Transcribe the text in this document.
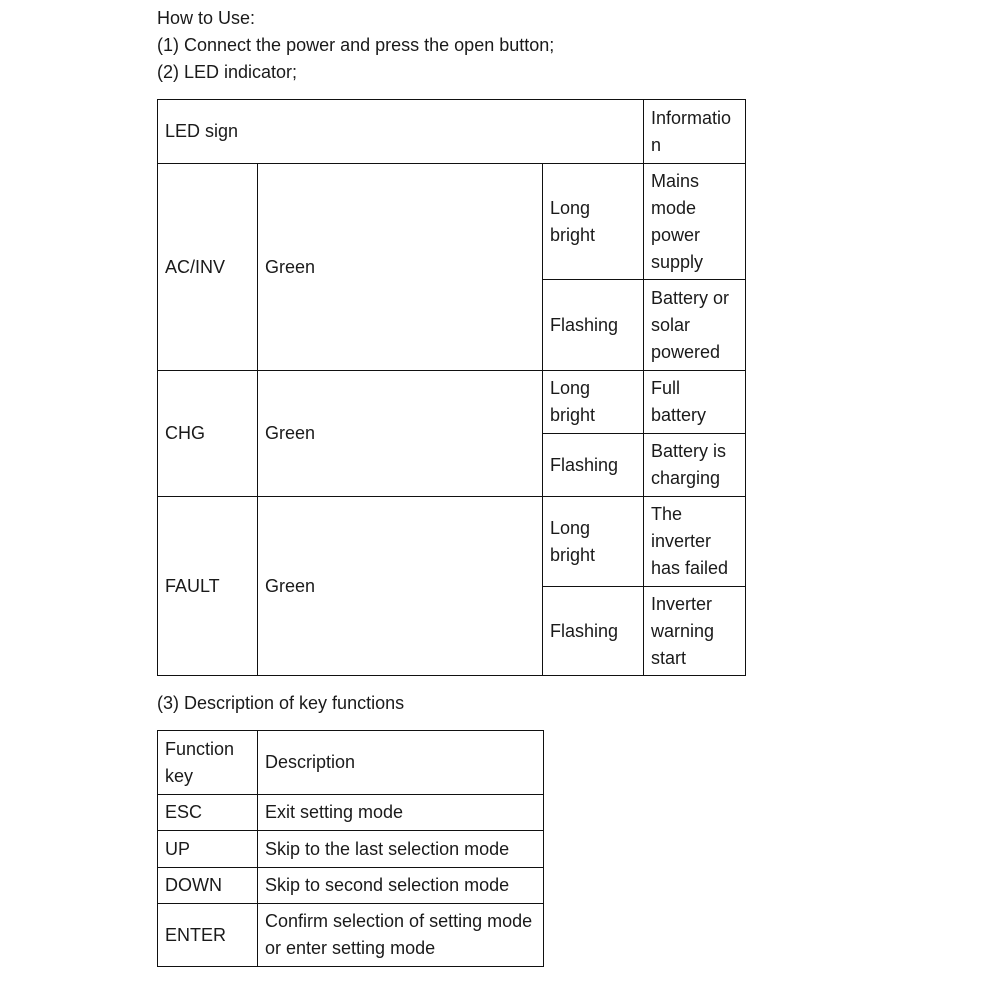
How to Use:

(1) Connect the power and press the open button;

(2) LED indicator;

LED sign			Informatio n
AC/INV	Green	Long bright	Mains mode power supply
		Flashing	Battery or solar powered
CHG	Green	Long bright	Full battery
		Flashing	Battery is charging
FAULT	Green	Long bright	The inverter has failed
		Flashing	Inverter warning start

(3) Description of key functions

Function key	Description
ESC	Exit setting mode
UP	Skip to the last selection mode
DOWN	Skip to second selection mode
ENTER	Confirm selection of setting mode or enter setting mode
